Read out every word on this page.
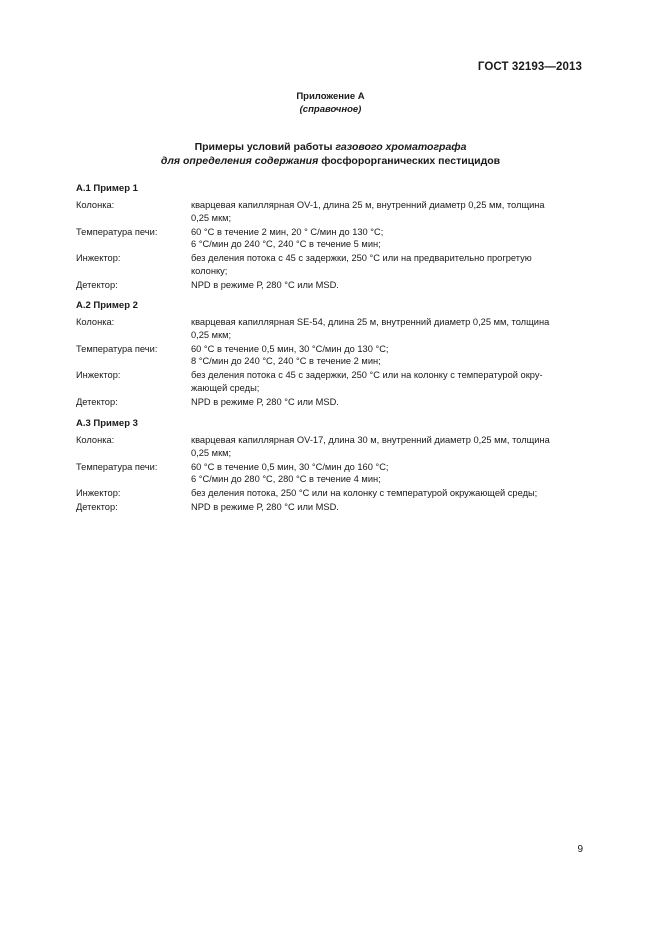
ГОСТ 32193—2013
Приложение А
(справочное)
Примеры условий работы газового хроматографа
для определения содержания фосфорорганических пестицидов
А.1 Пример 1
Колонка:	кварцевая капиллярная OV-1, длина 25 м, внутренний диаметр 0,25 мм, толщина
0,25 мкм;
Температура печи:	60 °С в течение 2 мин, 20 ° С/мин до 130 °С;
6 °С/мин до 240 °С, 240 °С в течение 5 мин;
Инжектор:	без деления потока с 45 с задержки, 250 °С или на предварительно прогретую
колонку;
Детектор:	NPD в режиме Р, 280 °С или MSD.
А.2 Пример 2
Колонка:	кварцевая капиллярная SE-54, длина 25 м, внутренний диаметр 0,25 мм, толщина
0,25 мкм;
Температура печи:	60 °С в течение 0,5 мин, 30 °С/мин до 130 °С;
8 °С/мин до 240 °С, 240 °С в течение 2 мин;
Инжектор:	без деления потока с 45 с задержки, 250 °С или на колонку с температурой окру-
жающей среды;
Детектор:	NPD в режиме Р, 280 °С или MSD.
А.3 Пример 3
Колонка:	кварцевая капиллярная OV-17, длина 30 м, внутренний диаметр 0,25 мм, толщина
0,25 мкм;
Температура печи:	60 °С в течение 0,5 мин, 30 °С/мин до 160 °С;
6 °С/мин до 280 °С, 280 °С в течение 4 мин;
Инжектор:	без деления потока, 250 °С или на колонку с температурой окружающей среды;
Детектор:	NPD в режиме Р, 280 °С или MSD.
9
